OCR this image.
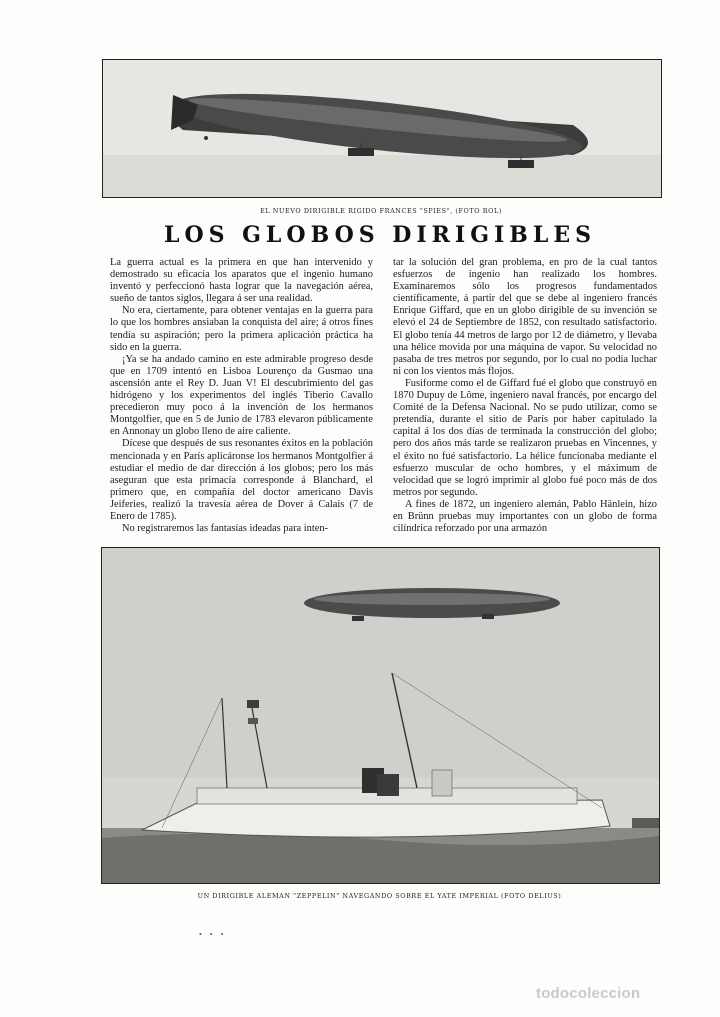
EL NUEVO DIRIGIBLE RIGIDO FRANCES "SPIES", (FOTO ROL)
LOS GLOBOS DIRIGIBLES

La guerra actual es la primera en que han intervenido y demostrado su eficacia los aparatos que el ingenio humano inventó y perfeccionó hasta lograr que la navegación aérea, sueño de tantos siglos, llegara á ser una realidad.

No era, ciertamente, para obtener ventajas en la guerra para lo que los hombres ansiaban la conquista del aire; á otros fines tendía su aspiración; pero la primera aplicación práctica ha sido en la guerra.

¡Ya se ha andado camino en este admirable progreso desde que en 1709 intentó en Lisboa Lourenço da Gusmao una ascensión ante el Rey D. Juan V! El descubrimiento del gas hidrógeno y los experimentos del inglés Tiberio Cavallo precedieron muy poco á la invención de los hermanos Montgolfier, que en 5 de Junio de 1783 elevaron públicamente en Annonay un globo lleno de aire caliente.

Dícese que después de sus resonantes éxitos en la población mencionada y en París aplicáronse los hermanos Montgolfier á estudiar el medio de dar dirección á los globos; pero los más aseguran que esta primacía corresponde á Blanchard, el primero que, en compañía del doctor americano Davis Jeiferies, realizó la travesía aérea de Dover á Calais (7 de Enero de 1785).

No registraremos las fantasías ideadas para inten-

tar la solución del gran problema, en pro de la cual tantos esfuerzos de ingenio han realizado los hombres. Examinaremos sólo los progresos fundamentados científicamente, á partir del que se debe al ingeniero francés Enrique Giffard, que en un globo dirigible de su invención se elevó el 24 de Septiembre de 1852, con resultado satisfactorio. El globo tenía 44 metros de largo por 12 de diámetro, y llevaba una hélice movida por una máquina de vapor. Su velocidad no pasaba de tres metros por segundo, por lo cual no podía luchar ni con los vientos más flojos.

Fusiforme como el de Giffard fué el globo que construyó en 1870 Dupuy de Lôme, ingeniero naval francés, por encargo del Comité de la Defensa Nacional. No se pudo utilizar, como se pretendía, durante el sitio de París por haber capitulado la capital á los dos días de terminada la construcción del globo; pero dos años más tarde se realizaron pruebas en Vincennes, y el éxito no fué satisfactorio. La hélice funcionaba mediante el esfuerzo muscular de ocho hombres, y el máximum de velocidad que se logró imprimir al globo fué poco más de dos metros por segundo.

A fines de 1872, un ingeniero alemán, Pablo Hänlein, hizo en Brünn pruebas muy importantes con un globo de forma cilíndrica reforzado por una armazón

UN DIRIGIBLE ALEMAN "ZEPPELIN" NAVEGANDO SOBRE EL YATE IMPERIAL (FOTO DELIUS)
• • •
todocoleccion
